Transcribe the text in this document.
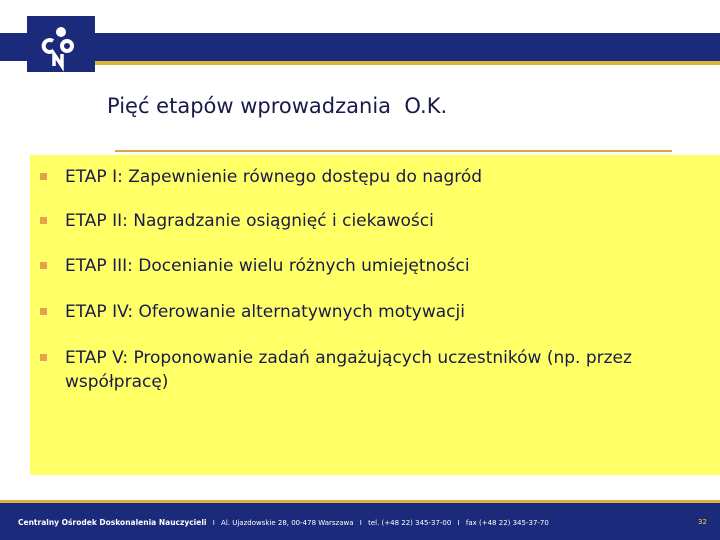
Pięć etapów wprowadzania  O.K.
ETAP I: Zapewnienie równego dostępu do nagród
ETAP II: Nagradzanie osiągnięć i ciekawości
ETAP III: Docenianie wielu różnych umiejętności
ETAP IV: Oferowanie alternatywnych motywacji
ETAP V: Proponowanie zadań angażujących uczestników (np. przez współpracę)
Centralny Ośrodek Doskonalenia Nauczycieli I Al. Ujazdowskie 28, 00-478 Warszawa I tel. (+48 22) 345-37-00 I fax (+48 22) 345-37-70	32
